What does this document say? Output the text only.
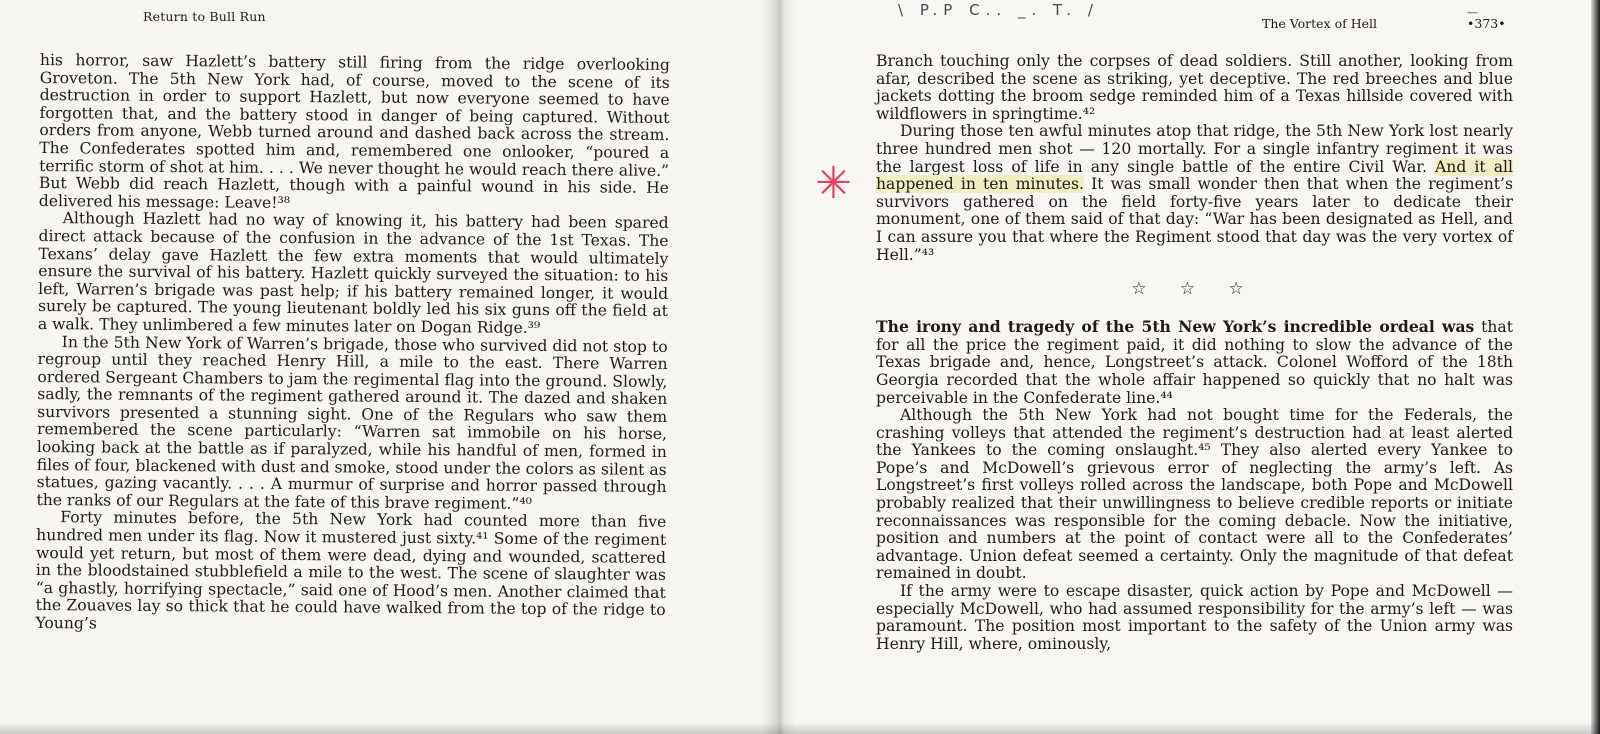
Return to Bull Run

his horror, saw Hazlett’s battery still firing from the ridge overlooking Groveton. The 5th New York had, of course, moved to the scene of its destruction in order to support Hazlett, but now everyone seemed to have forgotten that, and the battery stood in danger of being captured. Without orders from anyone, Webb turned around and dashed back across the stream. The Confederates spotted him and, remembered one onlooker, “poured a terrific storm of shot at him. . . . We never thought he would reach there alive.” But Webb did reach Hazlett, though with a painful wound in his side. He delivered his message: Leave!³⁸

Although Hazlett had no way of knowing it, his battery had been spared direct attack because of the confusion in the advance of the 1st Texas. The Texans’ delay gave Hazlett the few extra moments that would ultimately ensure the survival of his battery. Hazlett quickly surveyed the situation: to his left, Warren’s brigade was past help; if his battery remained longer, it would surely be captured. The young lieutenant boldly led his six guns off the field at a walk. They unlimbered a few minutes later on Dogan Ridge.³⁹

In the 5th New York of Warren’s brigade, those who survived did not stop to regroup until they reached Henry Hill, a mile to the east. There Warren ordered Sergeant Chambers to jam the regimental flag into the ground. Slowly, sadly, the remnants of the regiment gathered around it. The dazed and shaken survivors presented a stunning sight. One of the Regulars who saw them remembered the scene particularly: “Warren sat immobile on his horse, looking back at the battle as if paralyzed, while his handful of men, formed in files of four, blackened with dust and smoke, stood under the colors as silent as statues, gazing vacantly. . . . A murmur of surprise and horror passed through the ranks of our Regulars at the fate of this brave regiment.”⁴⁰

Forty minutes before, the 5th New York had counted more than five hundred men under its flag. Now it mustered just sixty.⁴¹ Some of the regiment would yet return, but most of them were dead, dying and wounded, scattered in the bloodstained stubblefield a mile to the west. The scene of slaughter was “a ghastly, horrifying spectacle,” said one of Hood’s men. Another claimed that the Zouaves lay so thick that he could have walked from the top of the ridge to Young’s

\ P.P C.. _. T. /	—
The Vortex of Hell	•373•
✳

Branch touching only the corpses of dead soldiers. Still another, looking from afar, described the scene as striking, yet deceptive. The red breeches and blue jackets dotting the broom sedge reminded him of a Texas hillside covered with wildflowers in springtime.⁴²

During those ten awful minutes atop that ridge, the 5th New York lost nearly three hundred men shot — 120 mortally. For a single infantry regiment it was the largest loss of life in any single battle of the entire Civil War. And it all happened in ten minutes. It was small wonder then that when the regiment’s survivors gathered on the field forty-five years later to dedicate their monument, one of them said of that day: “War has been designated as Hell, and I can assure you that where the Regiment stood that day was the very vortex of Hell.”⁴³

☆ ☆ ☆

The irony and tragedy of the 5th New York’s incredible ordeal was that for all the price the regiment paid, it did nothing to slow the advance of the Texas brigade and, hence, Longstreet’s attack. Colonel Wofford of the 18th Georgia recorded that the whole affair happened so quickly that no halt was perceivable in the Confederate line.⁴⁴

Although the 5th New York had not bought time for the Federals, the crashing volleys that attended the regiment’s destruction had at least alerted the Yankees to the coming onslaught.⁴⁵ They also alerted every Yankee to Pope’s and McDowell’s grievous error of neglecting the army’s left. As Longstreet’s first volleys rolled across the landscape, both Pope and McDowell probably realized that their unwillingness to believe credible reports or initiate reconnaissances was responsible for the coming debacle. Now the initiative, position and numbers at the point of contact were all to the Confederates’ advantage. Union defeat seemed a certainty. Only the magnitude of that defeat remained in doubt.

If the army were to escape disaster, quick action by Pope and McDowell — especially McDowell, who had assumed responsibility for the army’s left — was paramount. The position most important to the safety of the Union army was Henry Hill, where, ominously,
